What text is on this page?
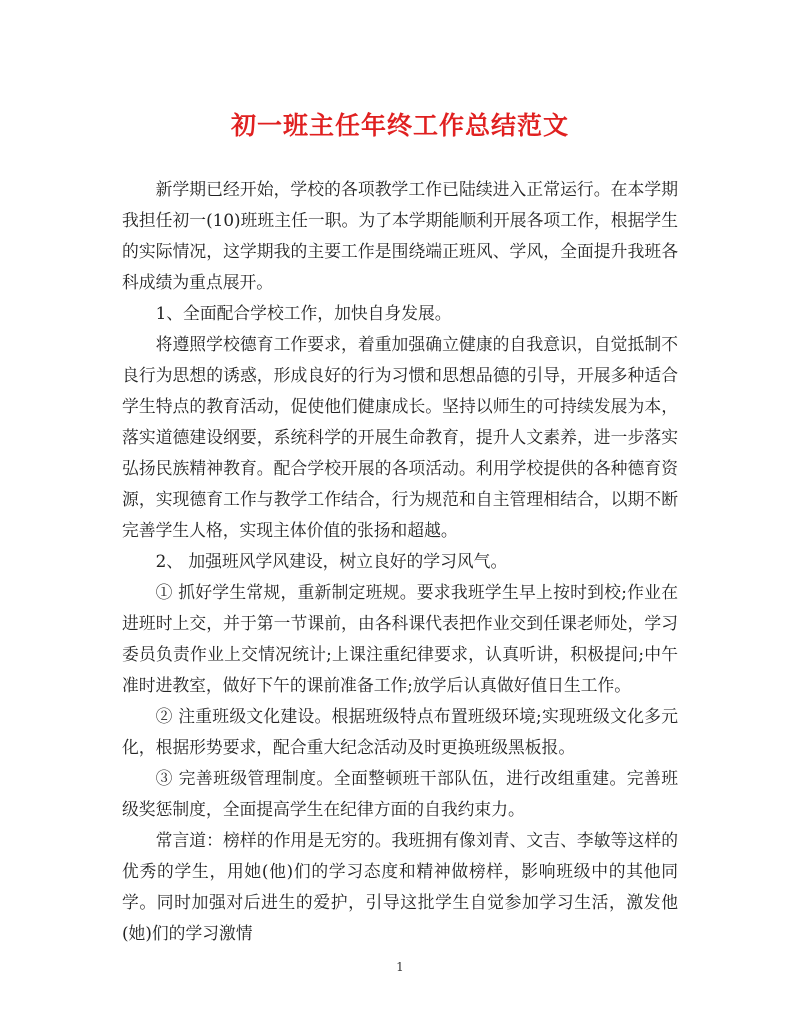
初一班主任年终工作总结范文

新学期已经开始，学校的各项教学工作已陆续进入正常运行。在本学期我担任初一(10)班班主任一职。为了本学期能顺利开展各项工作，根据学生的实际情况，这学期我的主要工作是围绕端正班风、学风，全面提升我班各科成绩为重点展开。

1、全面配合学校工作，加快自身发展。

将遵照学校德育工作要求，着重加强确立健康的自我意识，自觉抵制不良行为思想的诱惑，形成良好的行为习惯和思想品德的引导，开展多种适合学生特点的教育活动，促使他们健康成长。坚持以师生的可持续发展为本，落实道德建设纲要，系统科学的开展生命教育，提升人文素养，进一步落实弘扬民族精神教育。配合学校开展的各项活动。利用学校提供的各种德育资源，实现德育工作与教学工作结合，行为规范和自主管理相结合，以期不断完善学生人格，实现主体价值的张扬和超越。

2、 加强班风学风建设，树立良好的学习风气。

① 抓好学生常规，重新制定班规。要求我班学生早上按时到校;作业在进班时上交，并于第一节课前，由各科课代表把作业交到任课老师处，学习委员负责作业上交情况统计;上课注重纪律要求，认真听讲，积极提问;中午准时进教室，做好下午的课前准备工作;放学后认真做好值日生工作。

② 注重班级文化建设。根据班级特点布置班级环境;实现班级文化多元化，根据形势要求，配合重大纪念活动及时更换班级黑板报。

③ 完善班级管理制度。全面整顿班干部队伍，进行改组重建。完善班级奖惩制度，全面提高学生在纪律方面的自我约束力。

常言道：榜样的作用是无穷的。我班拥有像刘青、文吉、李敏等这样的优秀的学生，用她(他)们的学习态度和精神做榜样，影响班级中的其他同学。同时加强对后进生的爱护，引导这批学生自觉参加学习生活，激发他(她)们的学习激情

1
